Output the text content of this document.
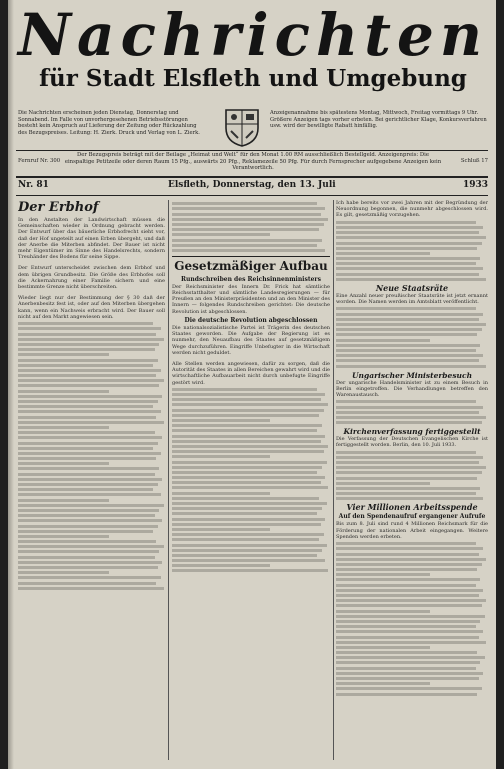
Nachrichten
für Stadt Elsfleth und Umgebung
Die Nachrichten erscheinen jeden Dienstag, Donnerstag und Sonnabend. Im Falle von unvorhergesehenen Betriebsstörungen besteht kein Anspruch auf Lieferung der Zeitung oder Rückzahlung des Bezugspreises. Leitung: H. Zierk. Druck und Verlag von L. Zierk.
Anzeigenannahme bis spätestens Montag, Mittwoch, Freitag vormittags 9 Uhr. Größere Anzeigen tags vorher erbeten. Bei gerichtlicher Klage, Konkursverfahren usw. wird der bewilligte Rabatt hinfällig.
Der Bezugspreis beträgt mit der Beilage „Heimat und Welt“ für den Monat 1.00 RM ausschließlich Bestellgeld. Anzeigenpreis: Die einspaltige Petitzeile oder deren Raum 15 Pfg., auswärts 20 Pfg., Reklamezeile 50 Pfg. Für durch Fernsprecher aufgegebene Anzeigen kein Verantwortlich.
Fernruf Nr. 300	Schluß 17
Nr. 81	Elsfleth, Donnerstag, den 13. Juli	1933
Der Erbhof

In den Anstalten der Landwirtschaft müssen die Gemeinschaften wieder in Ordnung gebracht werden. Der Entwurf über das bäuerliche Erbhofrecht sieht vor, daß der Hof ungeteilt auf einen Erben übergeht, und daß der Anerbe die Miterben abfindet. Der Bauer ist nicht mehr Eigentümer im Sinne des Handelsrechts, sondern Treuhänder des Bodens für seine Sippe.

Der Entwurf unterscheidet zwischen dem Erbhof und dem übrigen Grundbesitz. Die Größe des Erbhofes soll die Ackernahrung einer Familie sichern und eine bestimmte Grenze nicht überschreiten.

Wieder liegt nur der Bestimmung der § 30 daß der Anerbenbesitz fest ist, oder auf den Miterben übergehen kann, wenn ein Nachweis erbracht wird. Der Bauer soll nicht auf den Markt angewiesen sein.

Gesetzmäßiger Aufbau
Rundschreiben des Reichsinnenministers

Der Reichsminister des Innern Dr. Frick hat sämtliche Reichsstatthalter und sämtliche Landesregierungen — für Preußen an den Ministerpräsidenten und an den Minister des Innern — folgendes Rundschreiben gerichtet: Die deutsche Revolution ist abgeschlossen.

Die deutsche Revolution abgeschlossen

Die nationalsozialistische Partei ist Trägerin des deutschen Staates geworden. Die Aufgabe der Regierung ist es nunmehr, den Neuaufbau des Staates auf gesetzmäßigem Wege durchzuführen. Eingriffe Unbefugter in die Wirtschaft werden nicht geduldet.

Alle Stellen werden angewiesen, dafür zu sorgen, daß die Autorität des Staates in allen Bereichen gewahrt wird und die wirtschaftliche Aufbauarbeit nicht durch unbefugte Eingriffe gestört wird.

Ich habe bereits vor zwei Jahren mit der Begründung der Neuordnung begonnen, die nunmehr abgeschlossen wird. Es gilt, gesetzmäßig vorzugehen.

Neue Staatsräte

Eine Anzahl neuer preußischer Staatsräte ist jetzt ernannt worden. Die Namen werden im Amtsblatt veröffentlicht.

Ungarischer Ministerbesuch

Der ungarische Handelsminister ist zu einem Besuch in Berlin eingetroffen. Die Verhandlungen betreffen den Warenaustausch.

Kirchenverfassung fertiggestellt

Die Verfassung der Deutschen Evangelischen Kirche ist fertiggestellt worden. Berlin, den 10. Juli 1933.

Vier Millionen Arbeitsspende
Auf den Spendenaufruf ergangener Aufrufe

Bis zum 8. Juli sind rund 4 Millionen Reichsmark für die Förderung der nationalen Arbeit eingegangen. Weitere Spenden werden erbeten.
